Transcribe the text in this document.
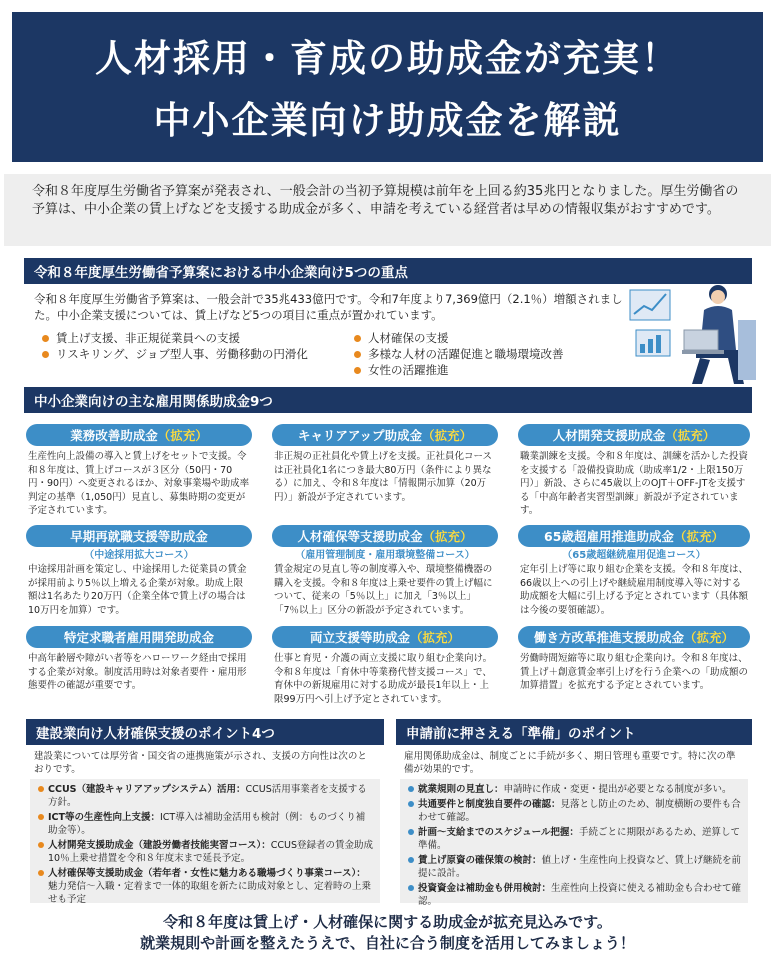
人材採用・育成の助成金が充実！
中小企業向け助成金を解説
令和８年度厚生労働省予算案が発表され、一般会計の当初予算規模は前年を上回る約35兆円となりました。厚生労働省の予算は、中小企業の賃上げなどを支援する助成金が多く、申請を考えている経営者は早めの情報収集がおすすめです。
令和８年度厚生労働省予算案における中小企業向け5つの重点
令和８年度厚生労働省予算案は、一般会計で35兆433億円です。令和7年度より7,369億円（2.1％）増額されました。中小企業支援については、賃上げなど5つの項目に重点が置かれています。
賃上げ支援、非正規従業員への支援
リスキリング、ジョブ型人事、労働移動の円滑化
人材確保の支援
多様な人材の活躍促進と職場環境改善
女性の活躍推進
中小企業向けの主な雇用関係助成金9つ
業務改善助成金 （拡充）
生産性向上設備の導入と賃上げをセットで支援。令和８年度は、賃上げコースが３区分（50円・70円・90円）へ変更されるほか、対象事業場や助成率判定の基準（1,050円）見直し、募集時期の変更が予定されています。
キャリアアップ助成金 （拡充）
非正規の正社員化や賃上げを支援。正社員化コースは正社員化1名につき最大80万円（条件により異なる）に加え、令和８年度は「情報開示加算（20万円）」新設が予定されています。
人材開発支援助成金 （拡充）
職業訓練を支援。令和８年度は、訓練を活かした投資を支援する「設備投資助成（助成率1/2・上限150万円）」新設、さらに45歳以上のOJT＋OFF-JTを支援する「中高年齢者実習型訓練」新設が予定されています。
早期再就職支援等助成金
（中途採用拡大コース）
中途採用計画を策定し、中途採用した従業員の賃金が採用前より5％以上増える企業が対象。助成上限額は1名あたり20万円（企業全体で賃上げの場合は10万円を加算）です。
人材確保等支援助成金 （拡充）
（雇用管理制度・雇用環境整備コース）
賃金規定の見直し等の制度導入や、環境整備機器の購入を支援。令和８年度は上乗せ要件の賃上げ幅について、従来の「5％以上」に加え「3％以上」「7％以上」区分の新設が予定されています。
65歳超雇用推進助成金 （拡充）
（65歳超継続雇用促進コース）
定年引上げ等に取り組む企業を支援。令和８年度は、66歳以上への引上げや継続雇用制度導入等に対する助成額を大幅に引上げる予定とされています（具体額は今後の要領確認）。
特定求職者雇用開発助成金
中高年齢層や障がい者等をハローワーク経由で採用する企業が対象。制度活用時は対象者要件・雇用形態要件の確認が重要です。
両立支援等助成金 （拡充）
仕事と育児・介護の両立支援に取り組む企業向け。令和８年度は「育休中等業務代替支援コース」で、育休中の新規雇用に対する助成が最長1年以上・上限99万円へ引上げ予定とされています。
働き方改革推進支援助成金 （拡充）
労働時間短縮等に取り組む企業向け。令和８年度は、賃上げ＋創意賃金率引上げを行う企業への「助成額の加算措置」を拡充する予定とされています。
建設業向け人材確保支援のポイント4つ
建設業については厚労省・国交省の連携施策が示され、支援の方向性は次のとおりです。
CCUS（建設キャリアアップシステム）活用：CCUS活用事業者を支援する方針。
ICT等の生産性向上支援：ICT導入は補助金活用も検討（例：ものづくり補助金等）。
人材開発支援助成金（建設労働者技能実習コース）：CCUS登録者の賃金助成10％上乗せ措置を令和８年度末まで延長予定。
人材確保等支援助成金（若年者・女性に魅力ある職場づくり事業コース）：魅力発信～入職・定着まで一体的取組を新たに助成対象とし、定着時の上乗せも予定
申請前に押さえる「準備」のポイント
雇用関係助成金は、制度ごとに手続が多く、期日管理も重要です。特に次の準備が効果的です。
就業規則の見直し：申請時に作成・変更・提出が必要となる制度が多い。
共通要件と制度独自要件の確認：見落とし防止のため、制度横断の要件も合わせて確認。
計画～支給までのスケジュール把握：手続ごとに期限があるため、逆算して準備。
賃上げ原資の確保策の検討：値上げ・生産性向上投資など、賃上げ継続を前提に設計。
投資資金は補助金も併用検討：生産性向上投資に使える補助金も合わせて確認。
令和８年度は賃上げ・人材確保に関する助成金が拡充見込みです。
就業規則や計画を整えたうえで、自社に合う制度を活用してみましょう！
